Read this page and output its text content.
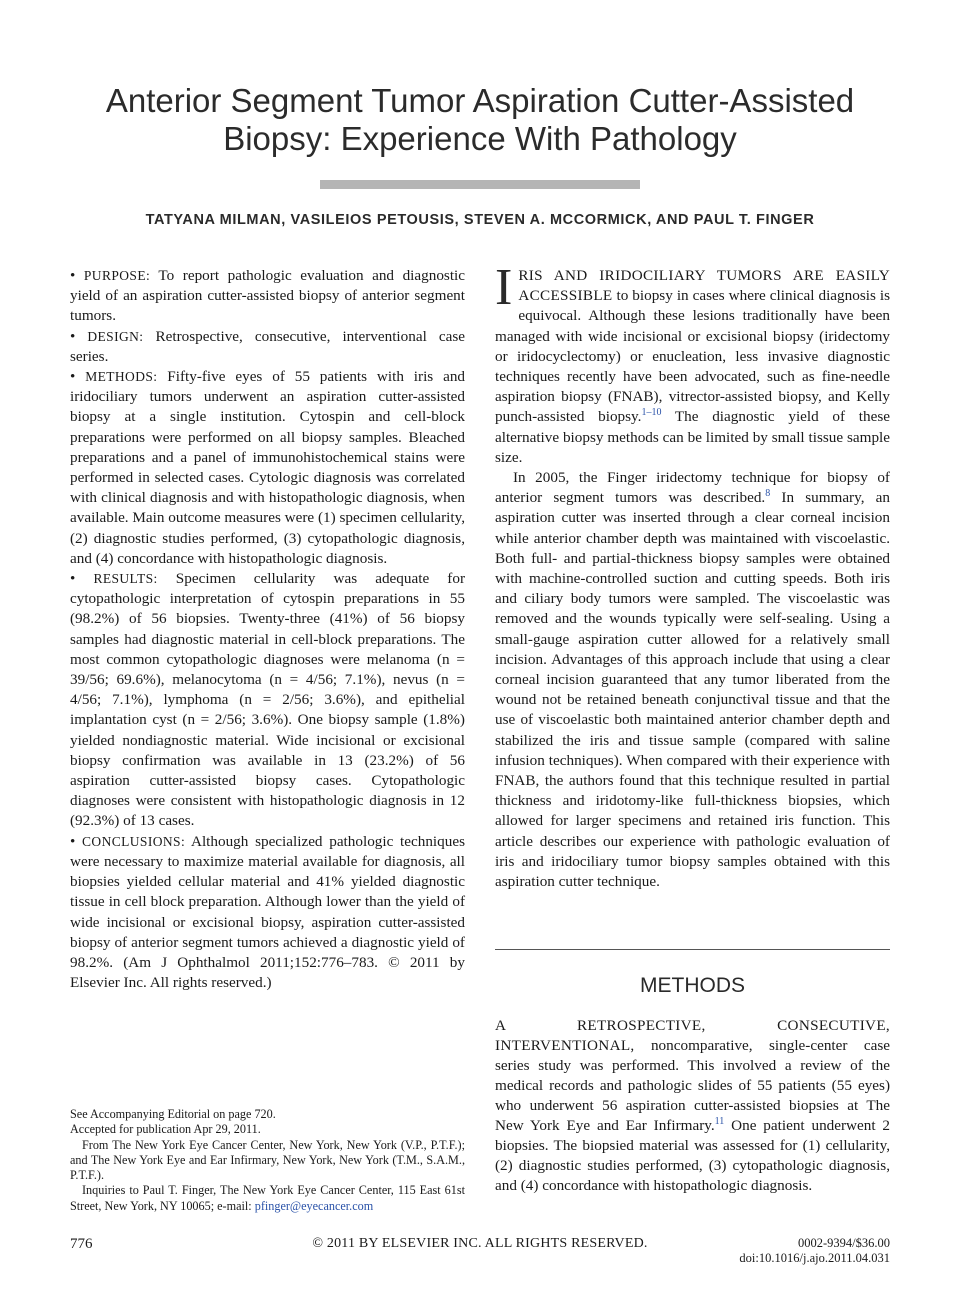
Anterior Segment Tumor Aspiration Cutter-Assisted
Biopsy: Experience With Pathology
TATYANA MILMAN, VASILEIOS PETOUSIS, STEVEN A. MCCORMICK, AND PAUL T. FINGER

• PURPOSE: To report pathologic evaluation and diagnostic yield of an aspiration cutter-assisted biopsy of anterior segment tumors.

• DESIGN: Retrospective, consecutive, interventional case series.

• METHODS: Fifty-five eyes of 55 patients with iris and iridociliary tumors underwent an aspiration cutter-assisted biopsy at a single institution. Cytospin and cell-block preparations were performed on all biopsy samples. Bleached preparations and a panel of immunohistochemical stains were performed in selected cases. Cytologic diagnosis was correlated with clinical diagnosis and with histopathologic diagnosis, when available. Main outcome measures were (1) specimen cellularity, (2) diagnostic studies performed, (3) cytopathologic diagnosis, and (4) concordance with histopathologic diagnosis.

• RESULTS: Specimen cellularity was adequate for cytopathologic interpretation of cytospin preparations in 55 (98.2%) of 56 biopsies. Twenty-three (41%) of 56 biopsy samples had diagnostic material in cell-block preparations. The most common cytopathologic diagnoses were melanoma (n = 39/56; 69.6%), melanocytoma (n = 4/56; 7.1%), nevus (n = 4/56; 7.1%), lymphoma (n = 2/56; 3.6%), and epithelial implantation cyst (n = 2/56; 3.6%). One biopsy sample (1.8%) yielded nondiagnostic material. Wide incisional or excisional biopsy confirmation was available in 13 (23.2%) of 56 aspiration cutter-assisted biopsy cases. Cytopathologic diagnoses were consistent with histopathologic diagnosis in 12 (92.3%) of 13 cases.

• CONCLUSIONS: Although specialized pathologic techniques were necessary to maximize material available for diagnosis, all biopsies yielded cellular material and 41% yielded diagnostic tissue in cell block preparation. Although lower than the yield of wide incisional or excisional biopsy, aspiration cutter-assisted biopsy of anterior segment tumors achieved a diagnostic yield of 98.2%. (Am J Ophthalmol 2011;152:776–783. © 2011 by Elsevier Inc. All rights reserved.)

See Accompanying Editorial on page 720.

Accepted for publication Apr 29, 2011.

From The New York Eye Cancer Center, New York, New York (V.P., P.T.F.); and The New York Eye and Ear Infirmary, New York, New York (T.M., S.A.M., P.T.F.).

Inquiries to Paul T. Finger, The New York Eye Cancer Center, 115 East 61st Street, New York, NY 10065; e-mail: pfinger@eyecancer.com

IRIS AND IRIDOCILIARY TUMORS ARE EASILY ACCESSIBLE to biopsy in cases where clinical diagnosis is equivocal. Although these lesions traditionally have been managed with wide incisional or excisional biopsy (iridectomy or iridocyclectomy) or enucleation, less invasive diagnostic techniques recently have been advocated, such as fine-needle aspiration biopsy (FNAB), vitrector-assisted biopsy, and Kelly punch-assisted biopsy.$^{1-10}$ The diagnostic yield of these alternative biopsy methods can be limited by small tissue sample size.

In 2005, the Finger iridectomy technique for biopsy of anterior segment tumors was described.$^8$ In summary, an aspiration cutter was inserted through a clear corneal incision while anterior chamber depth was maintained with viscoelastic. Both full- and partial-thickness biopsy samples were obtained with machine-controlled suction and cutting speeds. Both iris and ciliary body tumors were sampled. The viscoelastic was removed and the wounds typically were self-sealing. Using a small-gauge aspiration cutter allowed for a relatively small incision. Advantages of this approach include that using a clear corneal incision guaranteed that any tumor liberated from the wound not be retained beneath conjunctival tissue and that the use of viscoelastic both maintained anterior chamber depth and stabilized the iris and tissue sample (compared with saline infusion techniques). When compared with their experience with FNAB, the authors found that this technique resulted in partial thickness and iridotomy-like full-thickness biopsies, which allowed for larger specimens and retained iris function. This article describes our experience with pathologic evaluation of iris and iridociliary tumor biopsy samples obtained with this aspiration cutter technique.

METHODS

A RETROSPECTIVE, CONSECUTIVE, INTERVENTIONAL, noncomparative, single-center case series study was performed. This involved a review of the medical records and pathologic slides of 55 patients (55 eyes) who underwent 56 aspiration cutter-assisted biopsies at The New York Eye and Ear Infirmary.$^{11}$ One patient underwent 2 biopsies. The biopsied material was assessed for (1) cellularity, (2) diagnostic studies performed, (3) cytopathologic diagnosis, and (4) concordance with histopathologic diagnosis.

776	© 2011 BY ELSEVIER INC. ALL RIGHTS RESERVED.	0002-9394/$36.00
doi:10.1016/j.ajo.2011.04.031
